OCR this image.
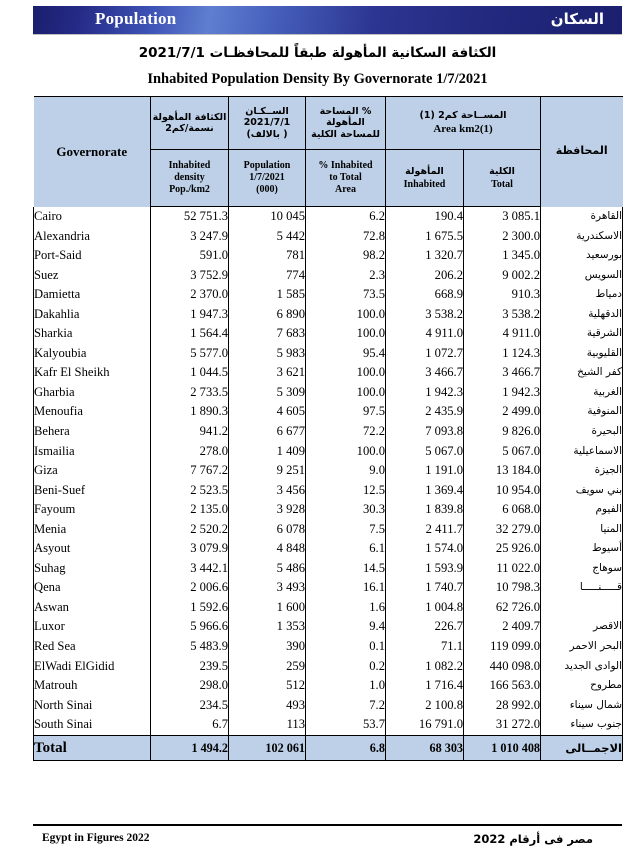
Population	السكان
الكثافة السكانية المأهولة طبقاً للمحافظـات 2021/7/1
Inhabited Population Density By Governorate 1/7/2021
Governorate	
الكثافة المأهولة نسمة/كم2

الســكـان
2021/7/1
( بالالف)

% المساحة
المأهولة
للمساحة الكلية

المســاحة كم2 (1)
Area km2(1)
	المحافظة

Inhabited
density
Pop./km2

Population
1/7/2021
(000)

% Inhabited
to Total
Area

المأهولة
Inhabited

الكلية
Total

Cairo	52 751.3	10 045	6.2	190.4	3 085.1	القاهرة
Alexandria	3 247.9	5 442	72.8	1 675.5	2 300.0	الاسكندرية
Port-Said	591.0	781	98.2	1 320.7	1 345.0	بورسعيد
Suez	3 752.9	774	2.3	206.2	9 002.2	السويس
Damietta	2 370.0	1 585	73.5	668.9	910.3	دمياط
Dakahlia	1 947.3	6 890	100.0	3 538.2	3 538.2	الدقهلية
Sharkia	1 564.4	7 683	100.0	4 911.0	4 911.0	الشرقية
Kalyoubia	5 577.0	5 983	95.4	1 072.7	1 124.3	القليوبية
Kafr El Sheikh	1 044.5	3 621	100.0	3 466.7	3 466.7	كفر الشيخ
Gharbia	2 733.5	5 309	100.0	1 942.3	1 942.3	الغربية
Menoufia	1 890.3	4 605	97.5	2 435.9	2 499.0	المنوفية
Behera	941.2	6 677	72.2	7 093.8	9 826.0	البحيرة
Ismailia	278.0	1 409	100.0	5 067.0	5 067.0	الاسماعيلية
Giza	7 767.2	9 251	9.0	1 191.0	13 184.0	الجيزة
Beni-Suef	2 523.5	3 456	12.5	1 369.4	10 954.0	بني سويف
Fayoum	2 135.0	3 928	30.3	1 839.8	6 068.0	الفيوم
Menia	2 520.2	6 078	7.5	2 411.7	32 279.0	المنيا
Asyout	3 079.9	4 848	6.1	1 574.0	25 926.0	أسيوط
Suhag	3 442.1	5 486	14.5	1 593.9	11 022.0	سوهاج
Qena	2 006.6	3 493	16.1	1 740.7	10 798.3	قـــــنـــــا
Aswan	1 592.6	1 600	1.6	1 004.8	62 726.0	
Luxor	5 966.6	1 353	9.4	226.7	2 409.7	الاقصر
Red Sea	5 483.9	390	0.1	71.1	119 099.0	البحر الاحمر
ElWadi ElGidid	239.5	259	0.2	1 082.2	440 098.0	الوادى الجديد
Matrouh	298.0	512	1.0	1 716.4	166 563.0	مطروح
North Sinai	234.5	493	7.2	2 100.8	28 992.0	شمال سيناء
South Sinai	6.7	113	53.7	16 791.0	31 272.0	جنوب سيناء
Total	1 494.2	102 061	6.8	68 303	1 010 408	الاجمــالى
Egypt in Figures 2022	مصر فى أرقام 2022
